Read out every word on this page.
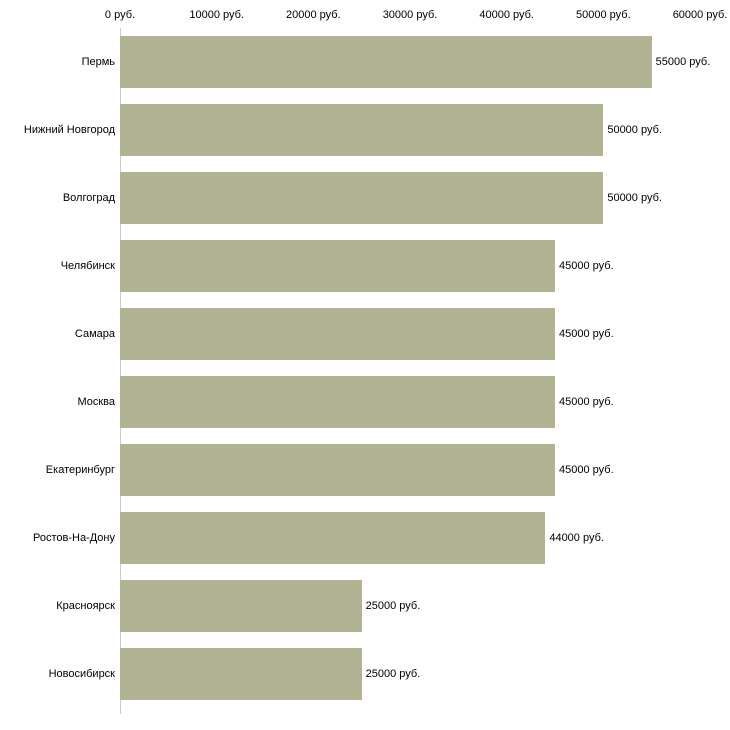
0 руб.	10000 руб.	20000 руб.	30000 руб.	40000 руб.	50000 руб.	60000 руб.
Пермь	55000 руб.
Нижний Новгород	50000 руб.
Волгоград	50000 руб.
Челябинск	45000 руб.
Самара	45000 руб.
Москва	45000 руб.
Екатеринбург	45000 руб.
Ростов-На-Дону	44000 руб.
Красноярск	25000 руб.
Новосибирск	25000 руб.
